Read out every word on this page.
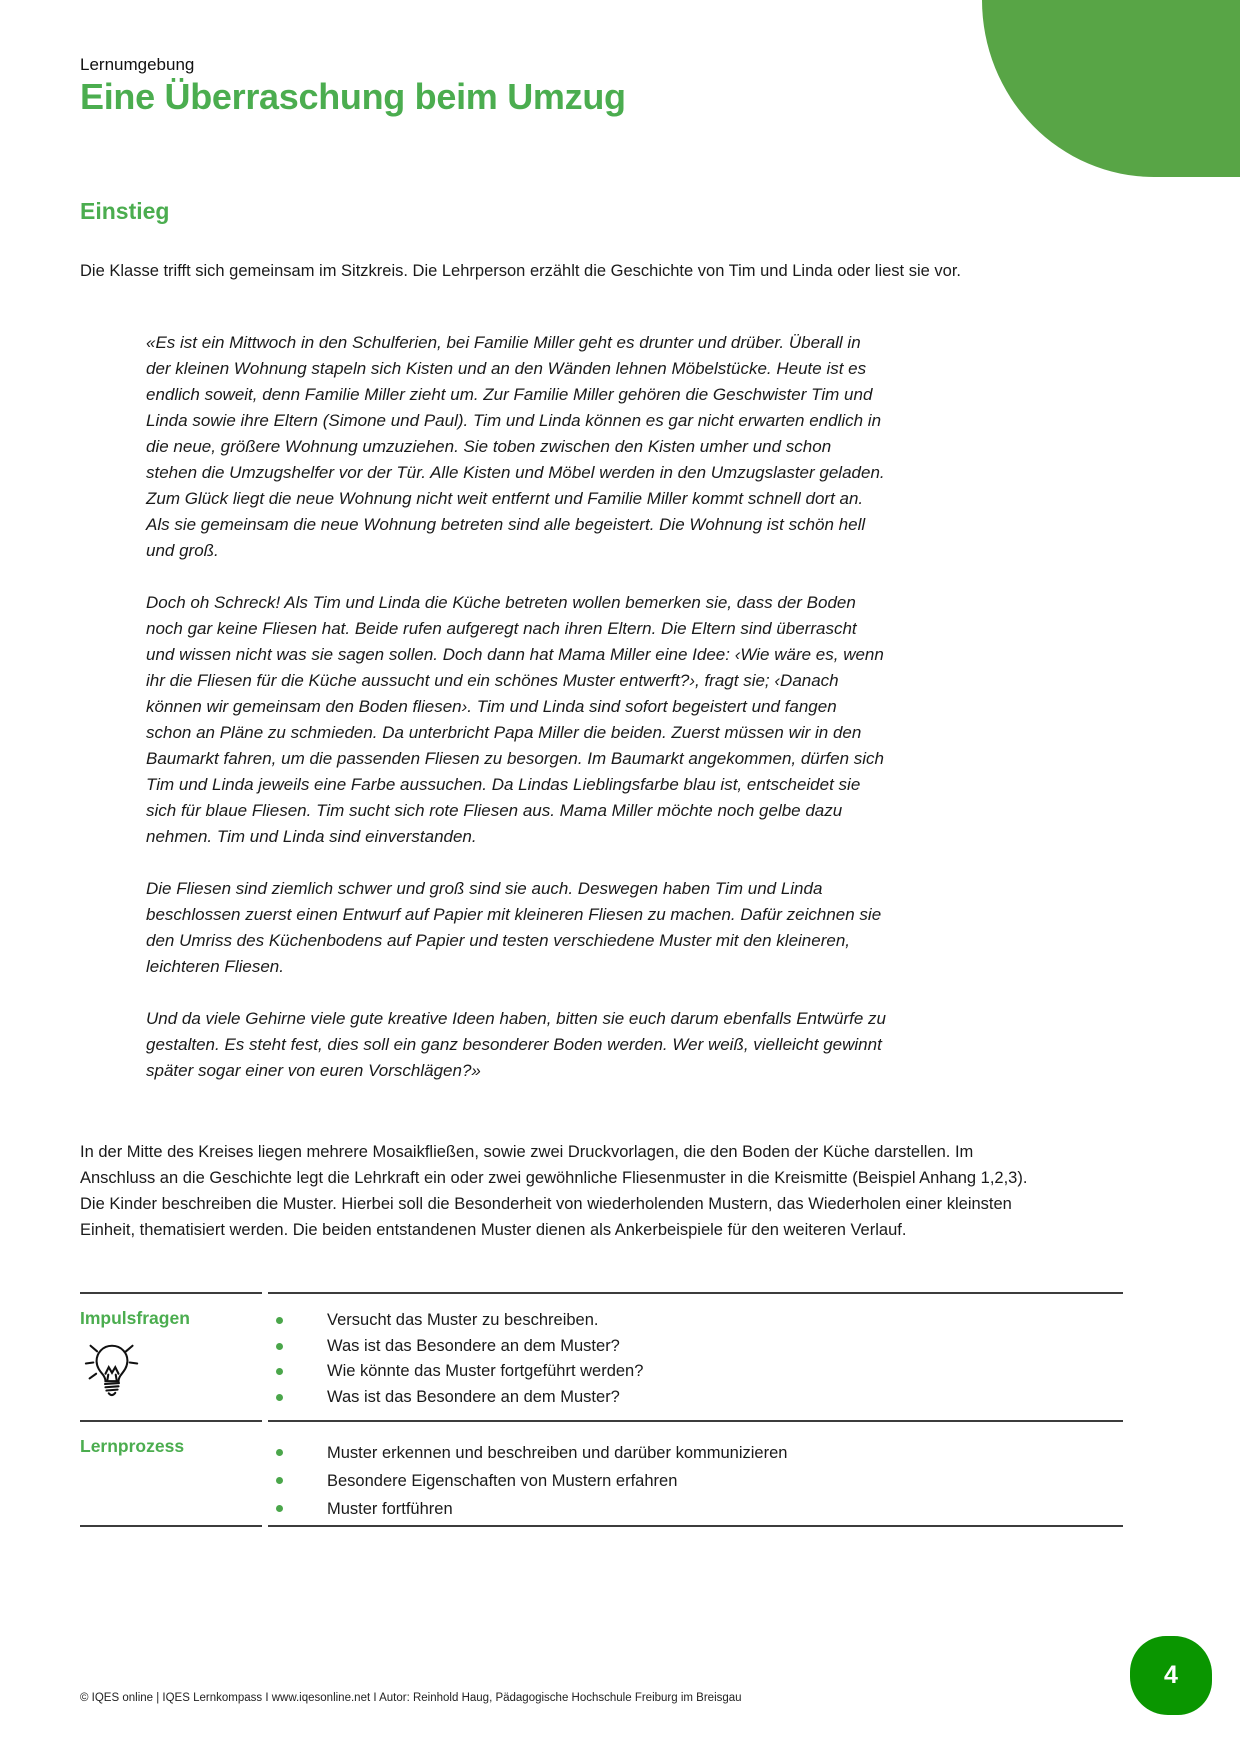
Lernumgebung
Eine Überraschung beim Umzug
Einstieg

Die Klasse trifft sich gemeinsam im Sitzkreis. Die Lehrperson erzählt die Geschichte von Tim und Linda oder liest sie vor.

«Es ist ein Mittwoch in den Schulferien, bei Familie Miller geht es drunter und drüber. Überall in der kleinen Wohnung stapeln sich Kisten und an den Wänden lehnen Möbelstücke. Heute ist es endlich soweit, denn Familie Miller zieht um. Zur Familie Miller gehören die Geschwister Tim und Linda sowie ihre Eltern (Simone und Paul). Tim und Linda können es gar nicht erwarten endlich in die neue, größere Wohnung umzuziehen. Sie toben zwischen den Kisten umher und schon stehen die Umzugshelfer vor der Tür. Alle Kisten und Möbel werden in den Umzugslaster geladen. Zum Glück liegt die neue Wohnung nicht weit entfernt und Familie Miller kommt schnell dort an. Als sie gemeinsam die neue Wohnung betreten sind alle begeistert. Die Wohnung ist schön hell und groß.

Doch oh Schreck! Als Tim und Linda die Küche betreten wollen bemerken sie, dass der Boden noch gar keine Fliesen hat. Beide rufen aufgeregt nach ihren Eltern. Die Eltern sind überrascht und wissen nicht was sie sagen sollen. Doch dann hat Mama Miller eine Idee: ‹Wie wäre es, wenn ihr die Fliesen für die Küche aussucht und ein schönes Muster entwerft?›, fragt sie; ‹Danach können wir gemeinsam den Boden fliesen›. Tim und Linda sind sofort begeistert und fangen schon an Pläne zu schmieden. Da unterbricht Papa Miller die beiden. Zuerst müssen wir in den Baumarkt fahren, um die passenden Fliesen zu besorgen. Im Baumarkt angekommen, dürfen sich Tim und Linda jeweils eine Farbe aussuchen. Da Lindas Lieblingsfarbe blau ist, entscheidet sie sich für blaue Fliesen. Tim sucht sich rote Fliesen aus. Mama Miller möchte noch gelbe dazu nehmen. Tim und Linda sind einverstanden.

Die Fliesen sind ziemlich schwer und groß sind sie auch. Deswegen haben Tim und Linda beschlossen zuerst einen Entwurf auf Papier mit kleineren Fliesen zu machen. Dafür zeichnen sie den Umriss des Küchenbodens auf Papier und testen verschiedene Muster mit den kleineren, leichteren Fliesen.

Und da viele Gehirne viele gute kreative Ideen haben, bitten sie euch darum ebenfalls Entwürfe zu gestalten. Es steht fest, dies soll ein ganz besonderer Boden werden. Wer weiß, vielleicht gewinnt später sogar einer von euren Vorschlägen?»

In der Mitte des Kreises liegen mehrere Mosaikfließen, sowie zwei Druckvorlagen, die den Boden der Küche darstellen. Im Anschluss an die Geschichte legt die Lehrkraft ein oder zwei gewöhnliche Fliesenmuster in die Kreismitte (Beispiel Anhang 1,2,3). Die Kinder beschreiben die Muster. Hierbei soll die Besonderheit von wiederholenden Mustern, das Wiederholen einer kleinsten Einheit, thematisiert werden. Die beiden entstandenen Muster dienen als Ankerbeispiele für den weiteren Verlauf.

Impulsfragen	Versucht das Muster zu beschreiben.
Was ist das Besondere an dem Muster?
Wie könnte das Muster fortgeführt werden?
Was ist das Besondere an dem Muster?
Lernprozess	Muster erkennen und beschreiben und darüber kommunizieren
Besondere Eigenschaften von Mustern erfahren
Muster fortführen
© IQES online | IQES Lernkompass I www.iqesonline.net I Autor: Reinhold Haug, Pädagogische Hochschule Freiburg im Breisgau
4
